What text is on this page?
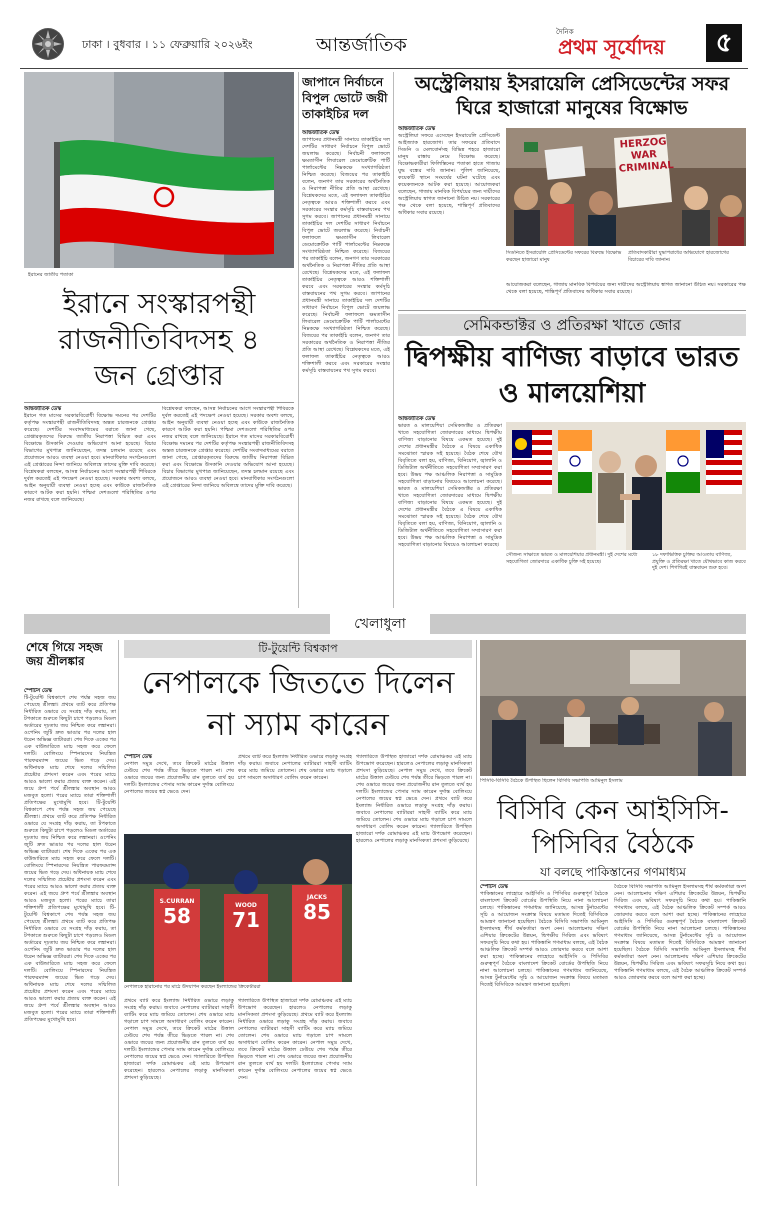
ঢাকা । বুধবার । ১১ ফেব্রুয়ারি ২০২৬ইং	আন্তর্জাতিক
দৈনিক
প্রথম সূর্যোদয়	৫
ইরানের জাতীয় পতাকা
ইরানে সংস্কারপন্থী রাজনীতিবিদসহ ৪ জন গ্রেপ্তার
আন্তর্জাতিক ডেস্ক
ইরানে গত মাসের সরকারবিরোধী বিক্ষোভ দমনের পর দেশটির কর্তৃপক্ষ সংস্কারপন্থী রাজনীতিবিদসহ অন্তত চারজনকে গ্রেপ্তার করেছে। দেশটির সংবাদমাধ্যমের বরাতে জানা গেছে, গ্রেপ্তারকৃতদের বিরুদ্ধে জাতীয় নিরাপত্তা বিঘ্নিত করা এবং বিক্ষোভে উসকানি দেওয়ার অভিযোগ আনা হয়েছে। বিচার বিভাগের মুখপাত্র জানিয়েছেন, তদন্ত চলমান রয়েছে এবং প্রয়োজনে আরও ব্যবস্থা নেওয়া হবে। মানবাধিকার সংগঠনগুলো এই গ্রেপ্তারের নিন্দা জানিয়ে অবিলম্বে তাদের মুক্তি দাবি করেছে। বিশ্লেষকরা বলছেন, আসন্ন নির্বাচনের আগে সংস্কারপন্থী শিবিরকে দুর্বল করতেই এই পদক্ষেপ নেওয়া হয়েছে। সরকার অবশ্য বলছে, আইন অনুযায়ী ব্যবস্থা নেওয়া হচ্ছে এবং কাউকে রাজনৈতিক কারণে আটক করা হয়নি। পশ্চিমা দেশগুলো পরিস্থিতির ওপর নজর রাখছে বলে জানিয়েছে।
বিশ্লেষকরা বলছেন, আসন্ন নির্বাচনের আগে সংস্কারপন্থী শিবিরকে দুর্বল করতেই এই পদক্ষেপ নেওয়া হয়েছে। সরকার অবশ্য বলছে, আইন অনুযায়ী ব্যবস্থা নেওয়া হচ্ছে এবং কাউকে রাজনৈতিক কারণে আটক করা হয়নি। পশ্চিমা দেশগুলো পরিস্থিতির ওপর নজর রাখছে বলে জানিয়েছে। ইরানে গত মাসের সরকারবিরোধী বিক্ষোভ দমনের পর দেশটির কর্তৃপক্ষ সংস্কারপন্থী রাজনীতিবিদসহ অন্তত চারজনকে গ্রেপ্তার করেছে। দেশটির সংবাদমাধ্যমের বরাতে জানা গেছে, গ্রেপ্তারকৃতদের বিরুদ্ধে জাতীয় নিরাপত্তা বিঘ্নিত করা এবং বিক্ষোভে উসকানি দেওয়ার অভিযোগ আনা হয়েছে। বিচার বিভাগের মুখপাত্র জানিয়েছেন, তদন্ত চলমান রয়েছে এবং প্রয়োজনে আরও ব্যবস্থা নেওয়া হবে। মানবাধিকার সংগঠনগুলো এই গ্রেপ্তারের নিন্দা জানিয়ে অবিলম্বে তাদের মুক্তি দাবি করেছে।
জাপানে নির্বাচনে বিপুল ভোটে জয়ী তাকাইচির দল
আন্তর্জাতিক ডেস্ক
জাপানের প্রধানমন্ত্রী সানায়ে তাকাইচির দল দেশটির সাধারণ নির্বাচনে বিপুল ভোটে জয়লাভ করেছে। নির্বাচনী ফলাফলে ক্ষমতাসীন লিবারেল ডেমোক্রেটিক পার্টি পার্লামেন্টের নিম্নকক্ষে সংখ্যাগরিষ্ঠতা নিশ্চিত করেছে। বিজয়ের পর তাকাইচি বলেন, জনগণ তার সরকারের অর্থনৈতিক ও নিরাপত্তা নীতির প্রতি আস্থা রেখেছে। বিশ্লেষকদের মতে, এই ফলাফল তাকাইচির নেতৃত্বকে আরও শক্তিশালী করবে এবং সরকারের সংস্কার কর্মসূচি বাস্তবায়নের পথ সুগম করবে। জাপানের প্রধানমন্ত্রী সানায়ে তাকাইচির দল দেশটির সাধারণ নির্বাচনে বিপুল ভোটে জয়লাভ করেছে। নির্বাচনী ফলাফলে ক্ষমতাসীন লিবারেল ডেমোক্রেটিক পার্টি পার্লামেন্টের নিম্নকক্ষে সংখ্যাগরিষ্ঠতা নিশ্চিত করেছে। বিজয়ের পর তাকাইচি বলেন, জনগণ তার সরকারের অর্থনৈতিক ও নিরাপত্তা নীতির প্রতি আস্থা রেখেছে। বিশ্লেষকদের মতে, এই ফলাফল তাকাইচির নেতৃত্বকে আরও শক্তিশালী করবে এবং সরকারের সংস্কার কর্মসূচি বাস্তবায়নের পথ সুগম করবে। জাপানের প্রধানমন্ত্রী সানায়ে তাকাইচির দল দেশটির সাধারণ নির্বাচনে বিপুল ভোটে জয়লাভ করেছে। নির্বাচনী ফলাফলে ক্ষমতাসীন লিবারেল ডেমোক্রেটিক পার্টি পার্লামেন্টের নিম্নকক্ষে সংখ্যাগরিষ্ঠতা নিশ্চিত করেছে। বিজয়ের পর তাকাইচি বলেন, জনগণ তার সরকারের অর্থনৈতিক ও নিরাপত্তা নীতির প্রতি আস্থা রেখেছে। বিশ্লেষকদের মতে, এই ফলাফল তাকাইচির নেতৃত্বকে আরও শক্তিশালী করবে এবং সরকারের সংস্কার কর্মসূচি বাস্তবায়নের পথ সুগম করবে।
অস্ট্রেলিয়ায় ইসরায়েলি প্রেসিডেন্টের সফর ঘিরে হাজারো মানুষের বিক্ষোভ
আন্তর্জাতিক ডেস্ক
অস্ট্রেলিয়া সফরে এসেছেন ইসরায়েলি প্রেসিডেন্ট আইজ্যাক হারজোগ। তার সফরের প্রতিবাদে সিডনি ও মেলবোর্নসহ বিভিন্ন শহরে হাজারো মানুষ রাস্তায় নেমে বিক্ষোভ করেছে। বিক্ষোভকারীরা ফিলিস্তিনের পতাকা হাতে গাজায় যুদ্ধ বন্ধের দাবি জানান। পুলিশ জানিয়েছে, কয়েকটি স্থানে সংঘর্ষের ঘটনা ঘটেছে এবং কয়েকজনকে আটক করা হয়েছে। আয়োজকরা বলেছেন, গাজায় মানবিক বিপর্যয়ের জন্য দায়ীদের অস্ট্রেলিয়ায় স্বাগত জানানো উচিত নয়। সরকারের পক্ষ থেকে বলা হয়েছে, শান্তিপূর্ণ প্রতিবাদের অধিকার সবার রয়েছে।
HERZOG
WAR
CRIMINAL
সিডনিতে ইসরায়েলি প্রেসিডেন্টের সফরের বিরুদ্ধে বিক্ষোভ করছেন হাজারো মানুষ
প্রতিবাদকারীরা যুদ্ধাপরাধের অভিযোগে হারজোগের বিচারের দাবি জানান।
আয়োজকরা বলেছেন, গাজায় মানবিক বিপর্যয়ের জন্য দায়ীদের অস্ট্রেলিয়ায় স্বাগত জানানো উচিত নয়। সরকারের পক্ষ থেকে বলা হয়েছে, শান্তিপূর্ণ প্রতিবাদের অধিকার সবার রয়েছে।
সেমিকন্ডাক্টর ও প্রতিরক্ষা খাতে জোর
দ্বিপক্ষীয় বাণিজ্য বাড়াবে ভারত ও মালয়েশিয়া
আন্তর্জাতিক ডেস্ক
ভারত ও মালয়েশিয়া সেমিকন্ডাক্টর ও প্রতিরক্ষা খাতে সহযোগিতা জোরদারের মাধ্যমে দ্বিপক্ষীয় বাণিজ্য বাড়ানোর বিষয়ে একমত হয়েছে। দুই দেশের প্রধানমন্ত্রীর বৈঠকে এ বিষয়ে একাধিক সমঝোতা স্মারক সই হয়েছে। বৈঠক শেষে যৌথ বিবৃতিতে বলা হয়, বাণিজ্য, বিনিয়োগ, জ্বালানি ও ডিজিটাল অর্থনীতিতে সহযোগিতা সম্প্রসারণ করা হবে। উভয় পক্ষ আঞ্চলিক নিরাপত্তা ও সামুদ্রিক সহযোগিতা বাড়ানোর বিষয়েও আলোচনা করেছে। ভারত ও মালয়েশিয়া সেমিকন্ডাক্টর ও প্রতিরক্ষা খাতে সহযোগিতা জোরদারের মাধ্যমে দ্বিপক্ষীয় বাণিজ্য বাড়ানোর বিষয়ে একমত হয়েছে। দুই দেশের প্রধানমন্ত্রীর বৈঠকে এ বিষয়ে একাধিক সমঝোতা স্মারক সই হয়েছে। বৈঠক শেষে যৌথ বিবৃতিতে বলা হয়, বাণিজ্য, বিনিয়োগ, জ্বালানি ও ডিজিটাল অর্থনীতিতে সহযোগিতা সম্প্রসারণ করা হবে। উভয় পক্ষ আঞ্চলিক নিরাপত্তা ও সামুদ্রিক সহযোগিতা বাড়ানোর বিষয়েও আলোচনা করেছে।
সৌজন্য সাক্ষাতে ভারত ও মালয়েশিয়ার প্রধানমন্ত্রী। দুই দেশের মধ্যে সহযোগিতা জোরদারে একাধিক চুক্তি সই হয়েছে।
১৮ দফাভিত্তিক চুক্তির আওতায় বাণিজ্য, প্রযুক্তি ও প্রতিরক্ষা খাতে যৌথভাবে কাজ করবে দুই দেশ। শিগগিরই বাস্তবায়ন শুরু হবে।
খেলাধুলা
শেষে গিয়ে সহজ জয় শ্রীলঙ্কার
স্পোর্টস ডেস্ক
টি-টুয়েন্টি বিশ্বকাপে শেষ পর্যন্ত সহজ জয় পেয়েছে শ্রীলঙ্কা। প্রথমে ব্যাট করে প্রতিপক্ষ নির্ধারিত ওভারে যে সংগ্রহ দাঁড় করায়, তা টপকাতে শুরুতে কিছুটা চাপে পড়লেও মিডল অর্ডারের দৃঢ়তায় জয় নিশ্চিত করে লঙ্কানরা। ওপেনিং জুটি দ্রুত ভাঙার পর দলের হাল ধরেন অভিজ্ঞ ব্যাটাররা। শেষ দিকে একের পর এক বাউন্ডারিতে ম্যাচ সহজ করে ফেলে দলটি। বোলিংয়ে স্পিনারদের নিয়ন্ত্রিত পারফরম্যান্স জয়ের ভিত গড়ে দেয়। অধিনায়ক ম্যাচ শেষে দলের সম্মিলিত প্রচেষ্টার প্রশংসা করেন এবং পরের ম্যাচে আরও ভালো করার প্রত্যয় ব্যক্ত করেন। এই জয়ে গ্রুপ পর্বে শ্রীলঙ্কার অবস্থান আরও মজবুত হলো। পরের ম্যাচে তারা শক্তিশালী প্রতিপক্ষের মুখোমুখি হবে। টি-টুয়েন্টি বিশ্বকাপে শেষ পর্যন্ত সহজ জয় পেয়েছে শ্রীলঙ্কা। প্রথমে ব্যাট করে প্রতিপক্ষ নির্ধারিত ওভারে যে সংগ্রহ দাঁড় করায়, তা টপকাতে শুরুতে কিছুটা চাপে পড়লেও মিডল অর্ডারের দৃঢ়তায় জয় নিশ্চিত করে লঙ্কানরা। ওপেনিং জুটি দ্রুত ভাঙার পর দলের হাল ধরেন অভিজ্ঞ ব্যাটাররা। শেষ দিকে একের পর এক বাউন্ডারিতে ম্যাচ সহজ করে ফেলে দলটি। বোলিংয়ে স্পিনারদের নিয়ন্ত্রিত পারফরম্যান্স জয়ের ভিত গড়ে দেয়। অধিনায়ক ম্যাচ শেষে দলের সম্মিলিত প্রচেষ্টার প্রশংসা করেন এবং পরের ম্যাচে আরও ভালো করার প্রত্যয় ব্যক্ত করেন। এই জয়ে গ্রুপ পর্বে শ্রীলঙ্কার অবস্থান আরও মজবুত হলো। পরের ম্যাচে তারা শক্তিশালী প্রতিপক্ষের মুখোমুখি হবে। টি-টুয়েন্টি বিশ্বকাপে শেষ পর্যন্ত সহজ জয় পেয়েছে শ্রীলঙ্কা। প্রথমে ব্যাট করে প্রতিপক্ষ নির্ধারিত ওভারে যে সংগ্রহ দাঁড় করায়, তা টপকাতে শুরুতে কিছুটা চাপে পড়লেও মিডল অর্ডারের দৃঢ়তায় জয় নিশ্চিত করে লঙ্কানরা। ওপেনিং জুটি দ্রুত ভাঙার পর দলের হাল ধরেন অভিজ্ঞ ব্যাটাররা। শেষ দিকে একের পর এক বাউন্ডারিতে ম্যাচ সহজ করে ফেলে দলটি। বোলিংয়ে স্পিনারদের নিয়ন্ত্রিত পারফরম্যান্স জয়ের ভিত গড়ে দেয়। অধিনায়ক ম্যাচ শেষে দলের সম্মিলিত প্রচেষ্টার প্রশংসা করেন এবং পরের ম্যাচে আরও ভালো করার প্রত্যয় ব্যক্ত করেন। এই জয়ে গ্রুপ পর্বে শ্রীলঙ্কার অবস্থান আরও মজবুত হলো। পরের ম্যাচে তারা শক্তিশালী প্রতিপক্ষের মুখোমুখি হবে।
টি-টুয়েন্টি বিশ্বকাপ
নেপালকে জিততে দিলেন না স্যাম কারেন
স্পোর্টস ডেস্ক
নেপাল সমুদ্র দেখে, তবে ক্রিকেট মাঠের উত্তাল ঢেউয়ে শেষ পর্যন্ত তীরে ভিড়তে পারল না। শেষ ওভারে জয়ের জন্য প্রয়োজনীয় রান তুলতে ব্যর্থ হয় দলটি। ইংল্যান্ডের পেসার স্যাম কারেন দুর্দান্ত বোলিংয়ে নেপালের জয়ের স্বপ্ন ভেঙে দেন।
প্রথমে ব্যাট করে ইংল্যান্ড নির্ধারিত ওভারে লড়াকু সংগ্রহ দাঁড় করায়। জবাবে নেপালের ব্যাটাররা সাহসী ব্যাটিং করে ম্যাচ জমিয়ে তোলেন। শেষ ওভারে ম্যাচ গড়ালে চাপ সামলে অসাধারণ বোলিং করেন কারেন।
গ্যালারিতে উপস্থিত হাজারো দর্শক রোমাঞ্চকর এই ম্যাচ উপভোগ করেছেন। হারলেও নেপালের লড়াকু মানসিকতা প্রশংসা কুড়িয়েছে। নেপাল সমুদ্র দেখে, তবে ক্রিকেট মাঠের উত্তাল ঢেউয়ে শেষ পর্যন্ত তীরে ভিড়তে পারল না। শেষ ওভারে জয়ের জন্য প্রয়োজনীয় রান তুলতে ব্যর্থ হয় দলটি। ইংল্যান্ডের পেসার স্যাম কারেন দুর্দান্ত বোলিংয়ে নেপালের জয়ের স্বপ্ন ভেঙে দেন। প্রথমে ব্যাট করে ইংল্যান্ড নির্ধারিত ওভারে লড়াকু সংগ্রহ দাঁড় করায়। জবাবে নেপালের ব্যাটাররা সাহসী ব্যাটিং করে ম্যাচ জমিয়ে তোলেন। শেষ ওভারে ম্যাচ গড়ালে চাপ সামলে অসাধারণ বোলিং করেন কারেন। গ্যালারিতে উপস্থিত হাজারো দর্শক রোমাঞ্চকর এই ম্যাচ উপভোগ করেছেন। হারলেও নেপালের লড়াকু মানসিকতা প্রশংসা কুড়িয়েছে।
S.CURRAN
58	WOOD
71
JACKS
85
নেপালকে হারানোর পর মাঠে উদযাপন করছেন ইংল্যান্ডের ক্রিকেটাররা
প্রথমে ব্যাট করে ইংল্যান্ড নির্ধারিত ওভারে লড়াকু সংগ্রহ দাঁড় করায়। জবাবে নেপালের ব্যাটাররা সাহসী ব্যাটিং করে ম্যাচ জমিয়ে তোলেন। শেষ ওভারে ম্যাচ গড়ালে চাপ সামলে অসাধারণ বোলিং করেন কারেন। নেপাল সমুদ্র দেখে, তবে ক্রিকেট মাঠের উত্তাল ঢেউয়ে শেষ পর্যন্ত তীরে ভিড়তে পারল না। শেষ ওভারে জয়ের জন্য প্রয়োজনীয় রান তুলতে ব্যর্থ হয় দলটি। ইংল্যান্ডের পেসার স্যাম কারেন দুর্দান্ত বোলিংয়ে নেপালের জয়ের স্বপ্ন ভেঙে দেন। গ্যালারিতে উপস্থিত হাজারো দর্শক রোমাঞ্চকর এই ম্যাচ উপভোগ করেছেন। হারলেও নেপালের লড়াকু মানসিকতা প্রশংসা কুড়িয়েছে।
গ্যালারিতে উপস্থিত হাজারো দর্শক রোমাঞ্চকর এই ম্যাচ উপভোগ করেছেন। হারলেও নেপালের লড়াকু মানসিকতা প্রশংসা কুড়িয়েছে। প্রথমে ব্যাট করে ইংল্যান্ড নির্ধারিত ওভারে লড়াকু সংগ্রহ দাঁড় করায়। জবাবে নেপালের ব্যাটাররা সাহসী ব্যাটিং করে ম্যাচ জমিয়ে তোলেন। শেষ ওভারে ম্যাচ গড়ালে চাপ সামলে অসাধারণ বোলিং করেন কারেন। নেপাল সমুদ্র দেখে, তবে ক্রিকেট মাঠের উত্তাল ঢেউয়ে শেষ পর্যন্ত তীরে ভিড়তে পারল না। শেষ ওভারে জয়ের জন্য প্রয়োজনীয় রান তুলতে ব্যর্থ হয় দলটি। ইংল্যান্ডের পেসার স্যাম কারেন দুর্দান্ত বোলিংয়ে নেপালের জয়ের স্বপ্ন ভেঙে দেন।
পিসিবি-বিসিবি বৈঠকে উপস্থিত ছিলেন বিসিবি সভাপতি আমিনুল ইসলাম
বিসিবি কেন আইসিসি-পিসিবির বৈঠকে
যা বলছে পাকিস্তানের গণমাধ্যম
স্পোর্টস ডেস্ক
পাকিস্তানের লাহোরে আইসিসি ও পিসিবির গুরুত্বপূর্ণ বৈঠকে বাংলাদেশ ক্রিকেট বোর্ডের উপস্থিতি নিয়ে নানা আলোচনা চলছে। পাকিস্তানের গণমাধ্যম জানিয়েছে, আসন্ন টুর্নামেন্টের সূচি ও আয়োজন সংক্রান্ত বিষয়ে মতামত দিতেই বিসিবিকে আমন্ত্রণ জানানো হয়েছিল। বৈঠকে বিসিবি সভাপতি আমিনুল ইসলামসহ শীর্ষ কর্মকর্তারা অংশ নেন। আলোচনায় দক্ষিণ এশিয়ার ক্রিকেটের উন্নয়ন, দ্বিপক্ষীয় সিরিজ এবং ভবিষ্যৎ সফরসূচি নিয়ে কথা হয়। পাকিস্তানি গণমাধ্যম বলছে, এই বৈঠক আঞ্চলিক ক্রিকেট সম্পর্ক আরও জোরদার করবে বলে আশা করা হচ্ছে। পাকিস্তানের লাহোরে আইসিসি ও পিসিবির গুরুত্বপূর্ণ বৈঠকে বাংলাদেশ ক্রিকেট বোর্ডের উপস্থিতি নিয়ে নানা আলোচনা চলছে। পাকিস্তানের গণমাধ্যম জানিয়েছে, আসন্ন টুর্নামেন্টের সূচি ও আয়োজন সংক্রান্ত বিষয়ে মতামত দিতেই বিসিবিকে আমন্ত্রণ জানানো হয়েছিল।
বৈঠকে বিসিবি সভাপতি আমিনুল ইসলামসহ শীর্ষ কর্মকর্তারা অংশ নেন। আলোচনায় দক্ষিণ এশিয়ার ক্রিকেটের উন্নয়ন, দ্বিপক্ষীয় সিরিজ এবং ভবিষ্যৎ সফরসূচি নিয়ে কথা হয়। পাকিস্তানি গণমাধ্যম বলছে, এই বৈঠক আঞ্চলিক ক্রিকেট সম্পর্ক আরও জোরদার করবে বলে আশা করা হচ্ছে। পাকিস্তানের লাহোরে আইসিসি ও পিসিবির গুরুত্বপূর্ণ বৈঠকে বাংলাদেশ ক্রিকেট বোর্ডের উপস্থিতি নিয়ে নানা আলোচনা চলছে। পাকিস্তানের গণমাধ্যম জানিয়েছে, আসন্ন টুর্নামেন্টের সূচি ও আয়োজন সংক্রান্ত বিষয়ে মতামত দিতেই বিসিবিকে আমন্ত্রণ জানানো হয়েছিল। বৈঠকে বিসিবি সভাপতি আমিনুল ইসলামসহ শীর্ষ কর্মকর্তারা অংশ নেন। আলোচনায় দক্ষিণ এশিয়ার ক্রিকেটের উন্নয়ন, দ্বিপক্ষীয় সিরিজ এবং ভবিষ্যৎ সফরসূচি নিয়ে কথা হয়। পাকিস্তানি গণমাধ্যম বলছে, এই বৈঠক আঞ্চলিক ক্রিকেট সম্পর্ক আরও জোরদার করবে বলে আশা করা হচ্ছে।
